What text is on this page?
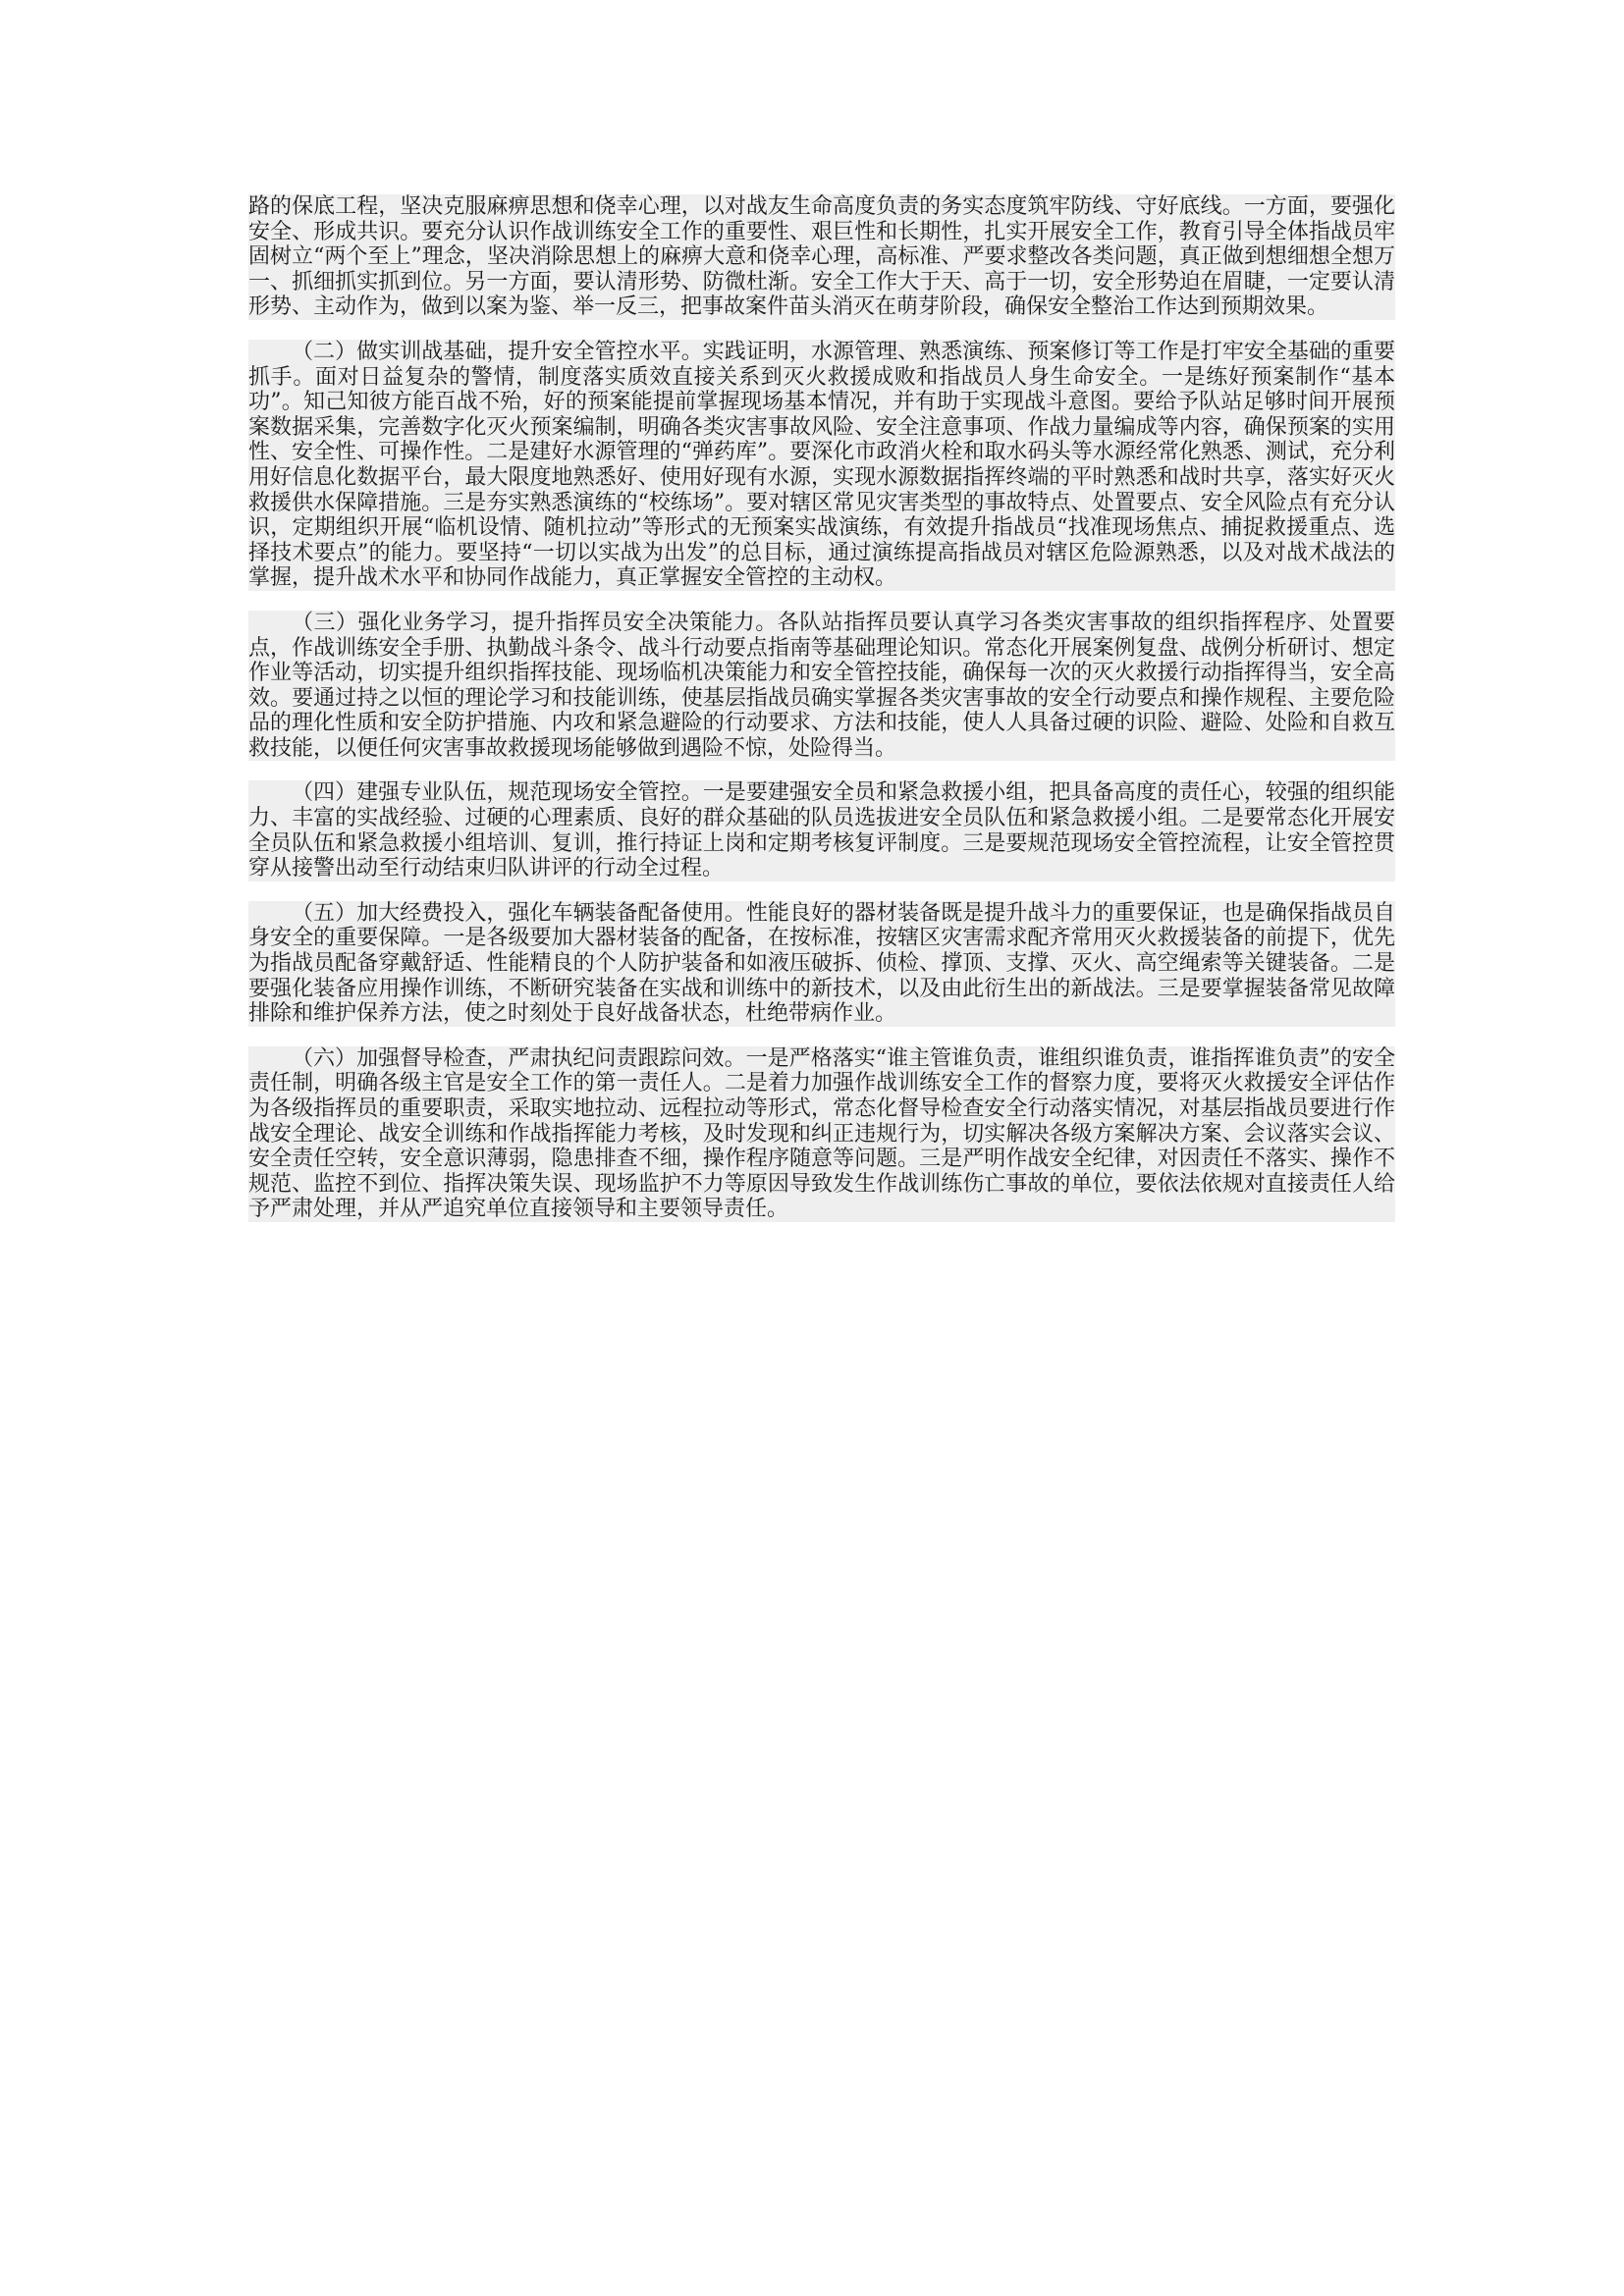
路的保底工程，坚决克服麻痹思想和侥幸心理，以对战友生命高度负责的务实态度筑牢防线、守好底线。一方面，要强化安全、形成共识。要充分认识作战训练安全工作的重要性、艰巨性和长期性，扎实开展安全工作，教育引导全体指战员牢固树立“两个至上”理念，坚决消除思想上的麻痹大意和侥幸心理，高标准、严要求整改各类问题，真正做到想细想全想万一、抓细抓实抓到位。另一方面，要认清形势、防微杜渐。安全工作大于天、高于一切，安全形势迫在眉睫，一定要认清形势、主动作为，做到以案为鉴、举一反三，把事故案件苗头消灭在萌芽阶段，确保安全整治工作达到预期效果。

（二）做实训战基础，提升安全管控水平。实践证明，水源管理、熟悉演练、预案修订等工作是打牢安全基础的重要抓手。面对日益复杂的警情，制度落实质效直接关系到灭火救援成败和指战员人身生命安全。一是练好预案制作“基本功”。知己知彼方能百战不殆，好的预案能提前掌握现场基本情况，并有助于实现战斗意图。要给予队站足够时间开展预案数据采集，完善数字化灭火预案编制，明确各类灾害事故风险、安全注意事项、作战力量编成等内容，确保预案的实用性、安全性、可操作性。二是建好水源管理的“弹药库”。要深化市政消火栓和取水码头等水源经常化熟悉、测试，充分利用好信息化数据平台，最大限度地熟悉好、使用好现有水源，实现水源数据指挥终端的平时熟悉和战时共享，落实好灭火救援供水保障措施。三是夯实熟悉演练的“校练场”。要对辖区常见灾害类型的事故特点、处置要点、安全风险点有充分认识，定期组织开展“临机设情、随机拉动”等形式的无预案实战演练，有效提升指战员“找准现场焦点、捕捉救援重点、选择技术要点”的能力。要坚持“一切以实战为出发”的总目标，通过演练提高指战员对辖区危险源熟悉，以及对战术战法的掌握，提升战术水平和协同作战能力，真正掌握安全管控的主动权。

（三）强化业务学习，提升指挥员安全决策能力。各队站指挥员要认真学习各类灾害事故的组织指挥程序、处置要点，作战训练安全手册、执勤战斗条令、战斗行动要点指南等基础理论知识。常态化开展案例复盘、战例分析研讨、想定作业等活动，切实提升组织指挥技能、现场临机决策能力和安全管控技能，确保每一次的灭火救援行动指挥得当，安全高效。要通过持之以恒的理论学习和技能训练，使基层指战员确实掌握各类灾害事故的安全行动要点和操作规程、主要危险品的理化性质和安全防护措施、内攻和紧急避险的行动要求、方法和技能，使人人具备过硬的识险、避险、处险和自救互救技能，以便任何灾害事故救援现场能够做到遇险不惊，处险得当。

（四）建强专业队伍，规范现场安全管控。一是要建强安全员和紧急救援小组，把具备高度的责任心，较强的组织能力、丰富的实战经验、过硬的心理素质、良好的群众基础的队员选拔进安全员队伍和紧急救援小组。二是要常态化开展安全员队伍和紧急救援小组培训、复训，推行持证上岗和定期考核复评制度。三是要规范现场安全管控流程，让安全管控贯穿从接警出动至行动结束归队讲评的行动全过程。

（五）加大经费投入，强化车辆装备配备使用。性能良好的器材装备既是提升战斗力的重要保证，也是确保指战员自身安全的重要保障。一是各级要加大器材装备的配备，在按标准，按辖区灾害需求配齐常用灭火救援装备的前提下，优先为指战员配备穿戴舒适、性能精良的个人防护装备和如液压破拆、侦检、撑顶、支撑、灭火、高空绳索等关键装备。二是要强化装备应用操作训练，不断研究装备在实战和训练中的新技术，以及由此衍生出的新战法。三是要掌握装备常见故障排除和维护保养方法，使之时刻处于良好战备状态，杜绝带病作业。

（六）加强督导检查，严肃执纪问责跟踪问效。一是严格落实“谁主管谁负责，谁组织谁负责，谁指挥谁负责”的安全责任制，明确各级主官是安全工作的第一责任人。二是着力加强作战训练安全工作的督察力度，要将灭火救援安全评估作为各级指挥员的重要职责，采取实地拉动、远程拉动等形式，常态化督导检查安全行动落实情况，对基层指战员要进行作战安全理论、战安全训练和作战指挥能力考核，及时发现和纠正违规行为，切实解决各级方案解决方案、会议落实会议、安全责任空转，安全意识薄弱，隐患排查不细，操作程序随意等问题。三是严明作战安全纪律，对因责任不落实、操作不规范、监控不到位、指挥决策失误、现场监护不力等原因导致发生作战训练伤亡事故的单位，要依法依规对直接责任人给予严肃处理，并从严追究单位直接领导和主要领导责任。
